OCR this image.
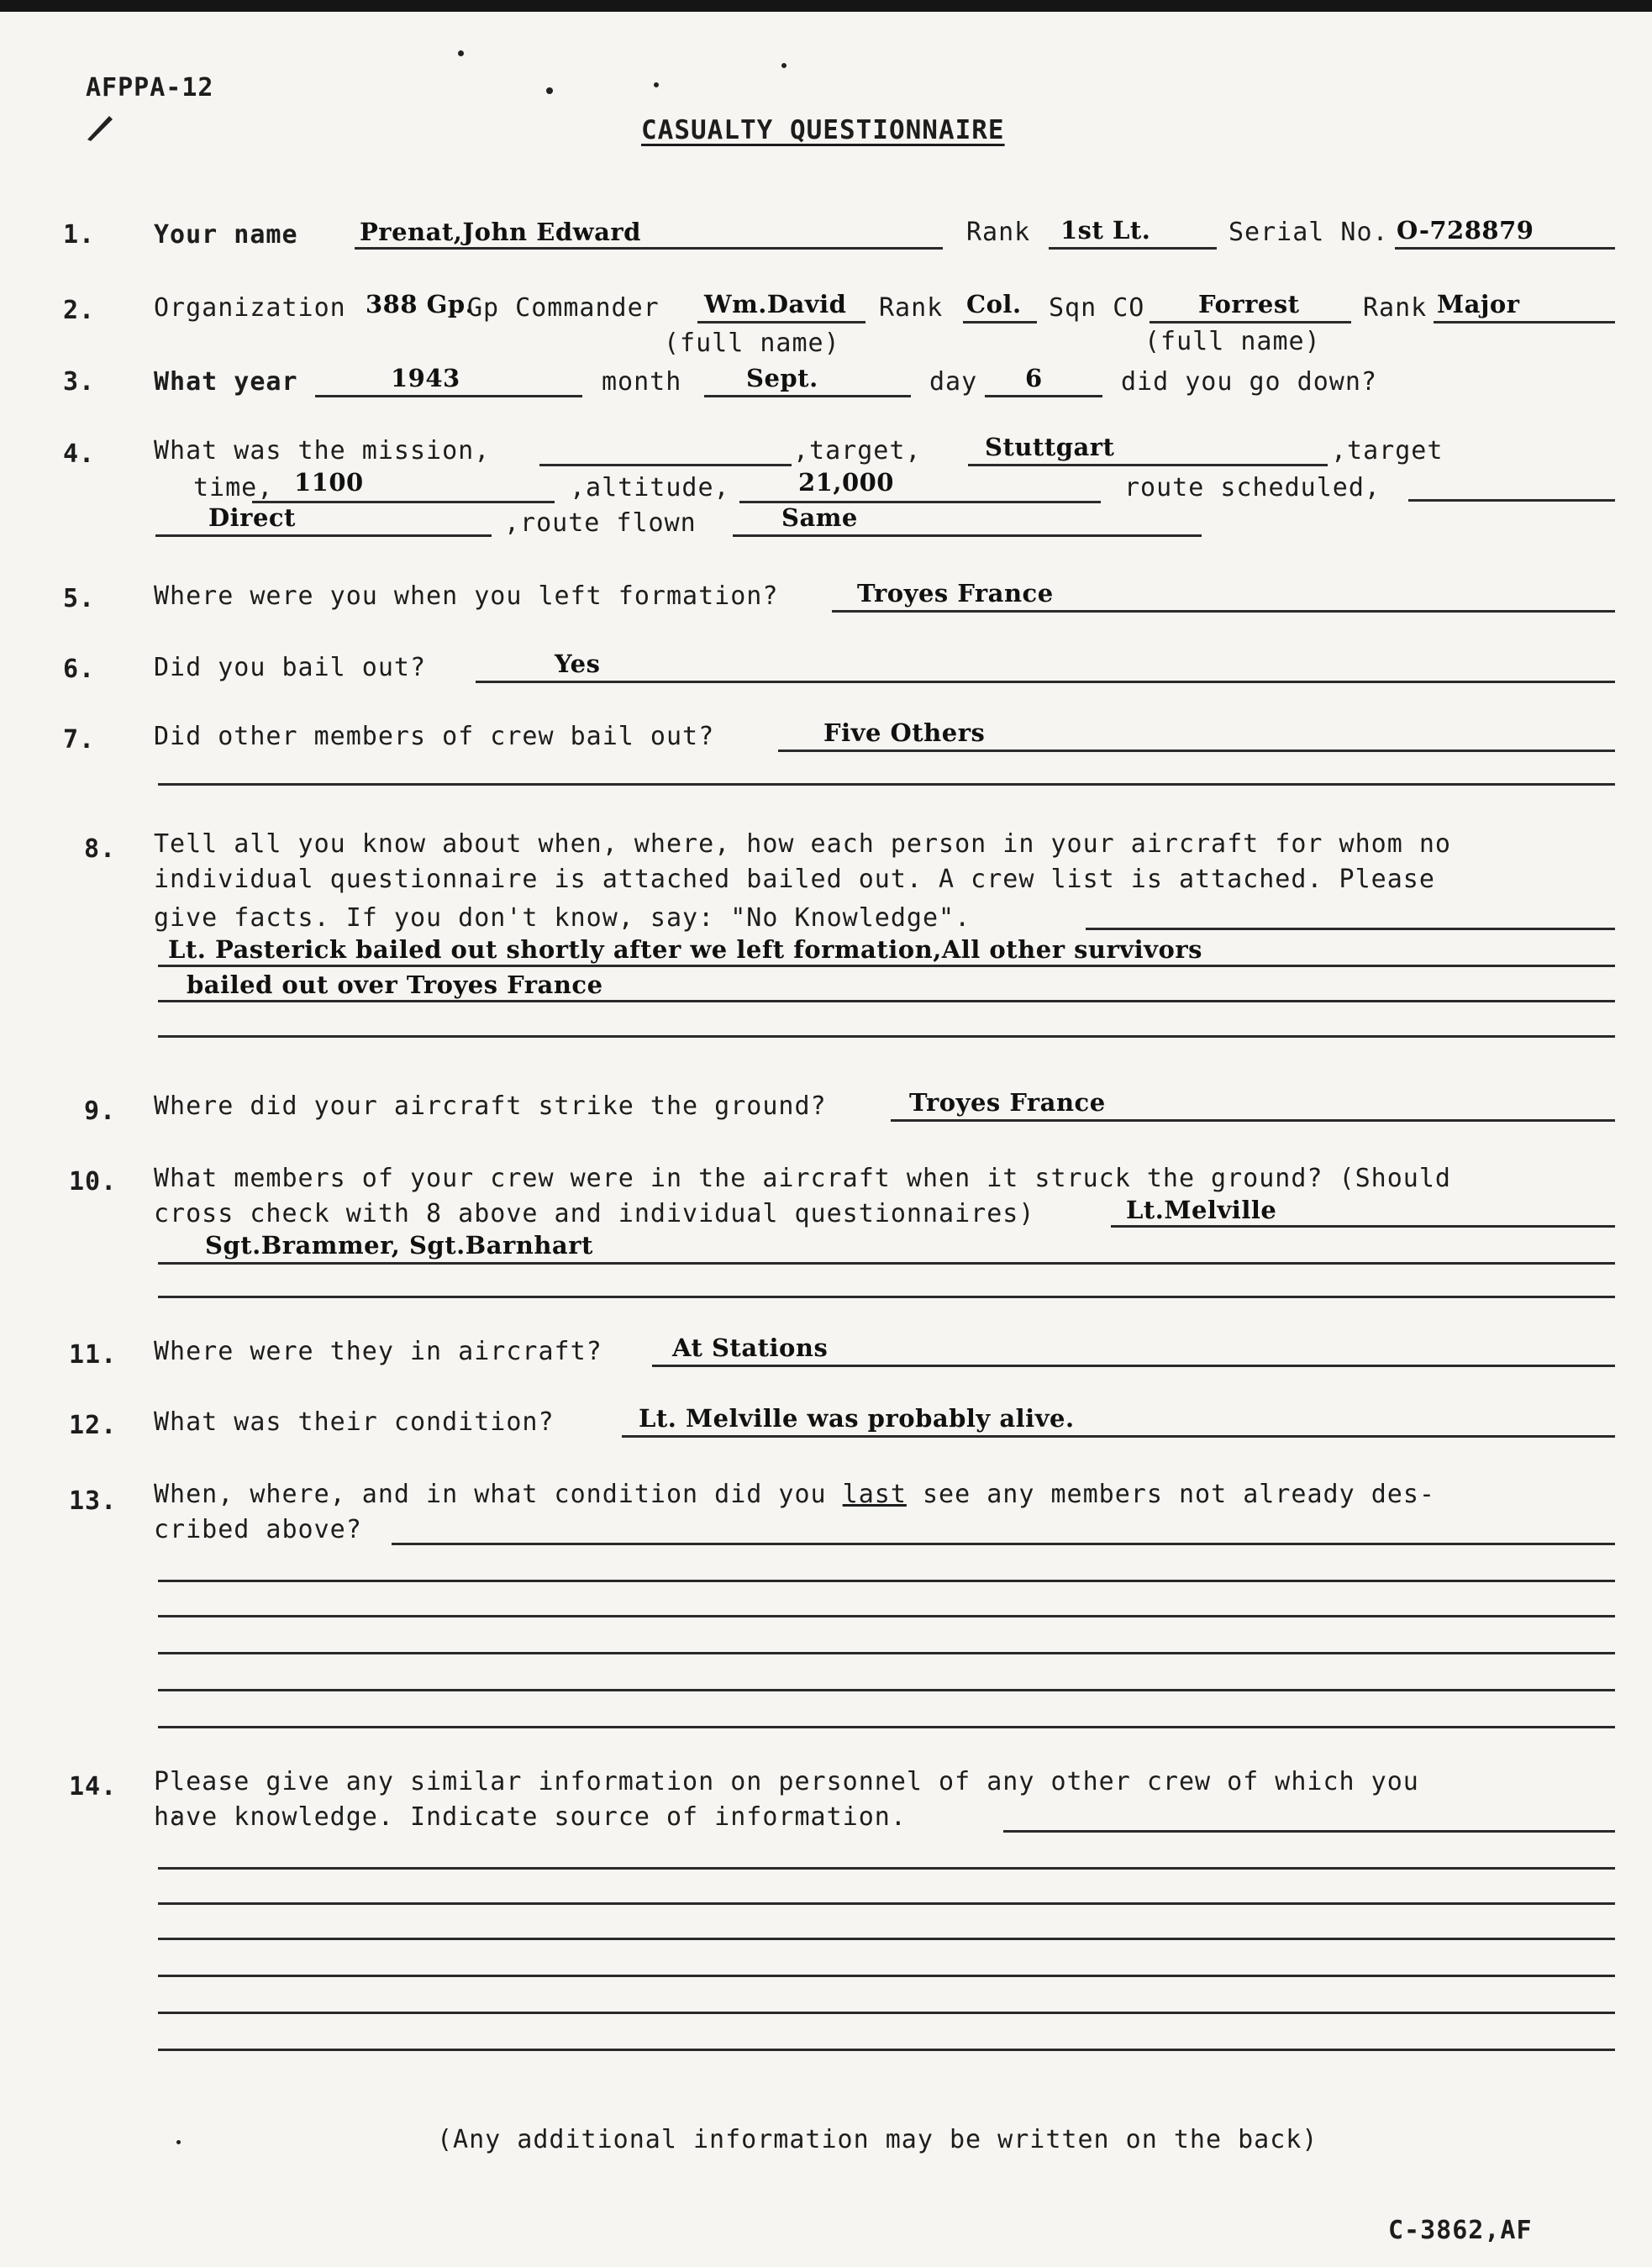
AFPPA-12
CASUALTY QUESTIONNAIRE
1. Your name	Prenat,John Edward	Rank 1st Lt.	Serial No. O-728879
2. Organization 388 Gp.
Gp Commander Wm.David Rank Col. Sqn CO Forrest	Rank Major
(full name)	(full name)
3. What year	1943	month	Sept.	day 6	did you go down?
4. What was the mission,	,target,	Stuttgart	,target
time, 1100	,altitude,	21,000	route scheduled,
Direct	,route flown	Same
5. Where were you when you left formation?	Troyes France
6. Did you bail out?	Yes
7. Did other members of crew bail out?	Five Others
8. Tell all you know about when, where, how each person in your aircraft for whom no
individual questionnaire is attached bailed out. A crew list is attached. Please
give facts. If you don't know, say: "No Knowledge".
Lt. Pasterick bailed out shortly after we left formation,All other survivors
bailed out over Troyes France
9. Where did your aircraft strike the ground?	Troyes France
10. What members of your crew were in the aircraft when it struck the ground? (Should
cross check with 8 above and individual questionnaires)	Lt.Melville
Sgt.Brammer, Sgt.Barnhart
11. Where were they in aircraft?	At Stations
12. What was their condition?	Lt. Melville was probably alive.
13. When, where, and in what condition did you last see any members not already des-
cribed above?
14. Please give any similar information on personnel of any other crew of which you
have knowledge. Indicate source of information.
(Any additional information may be written on the back)
C-3862,AF
